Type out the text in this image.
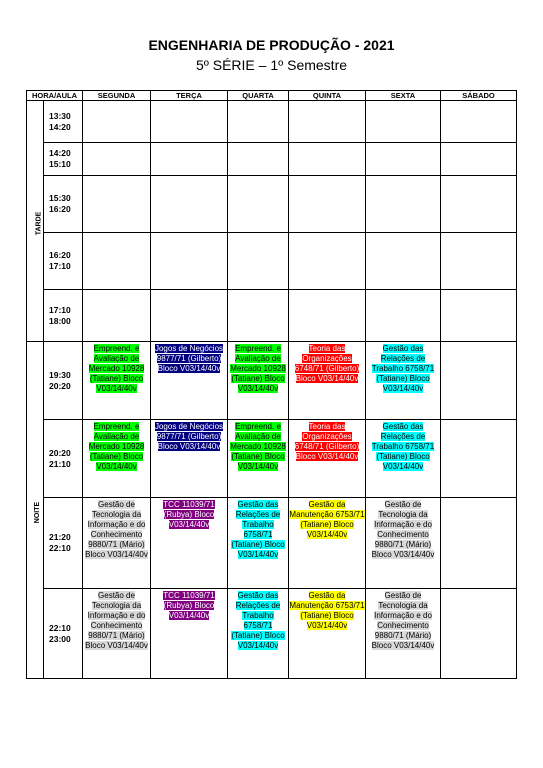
ENGENHARIA DE PRODUÇÃO - 2021
5º SÉRIE – 1º Semestre
HORA/AULA		SEGUNDA	TERÇA	QUARTA	QUINTA	SEXTA	SÁBADO
TARDE	13:30
14:20						
	14:20
15:10						
	15:30
16:20						
	16:20
17:10						
	17:10
18:00						
NOITE	19:30
20:20	Empreend. e Avaliação de Mercado 10928 (Tatiane) Bloco V03/14/40v	Jogos de Negócios 9877/71 (Gilberto) Bloco V03/14/40v	Empreend. e Avaliação de Mercado 10928 (Tatiane) Bloco V03/14/40v	Teoria das Organizações 6748/71 (Gilberto) Bloco V03/14/40v	Gestão das Relações de Trabalho 6758/71 (Tatiane) Bloco V03/14/40v	
	20:20
21:10	Empreend. e Avaliação de Mercado 10928 (Tatiane) Bloco V03/14/40v	Jogos de Negócios 9877/71 (Gilberto) Bloco V03/14/40v	Empreend. e Avaliação de Mercado 10928 (Tatiane) Bloco V03/14/40v	Teoria das Organizações 6748/71 (Gilberto) Bloco V03/14/40v	Gestão das Relações de Trabalho 6758/71 (Tatiane) Bloco V03/14/40v	
	21:20
22:10	Gestão de Tecnologia da Informação e do Conhecimento 9880/71 (Mário) Bloco V03/14/40v	TCC 11039/71 (Rubya) Bloco V03/14/40v	Gestão das Relações de Trabalho 6758/71 (Tatiane) Bloco V03/14/40v	Gestão da Manutenção 6753/71 (Tatiane) Bloco V03/14/40v	Gestão de Tecnologia da Informação e do Conhecimento 9880/71 (Mário) Bloco V03/14/40v	
	22:10
23:00	Gestão de Tecnologia da Informação e do Conhecimento 9880/71 (Mário) Bloco V03/14/40v	TCC 11039/71 (Rubya) Bloco V03/14/40v	Gestão das Relações de Trabalho 6758/71 (Tatiane) Bloco V03/14/40v	Gestão da Manutenção 6753/71 (Tatiane) Bloco V03/14/40v	Gestão de Tecnologia da Informação e do Conhecimento 9880/71 (Mário) Bloco V03/14/40v	
